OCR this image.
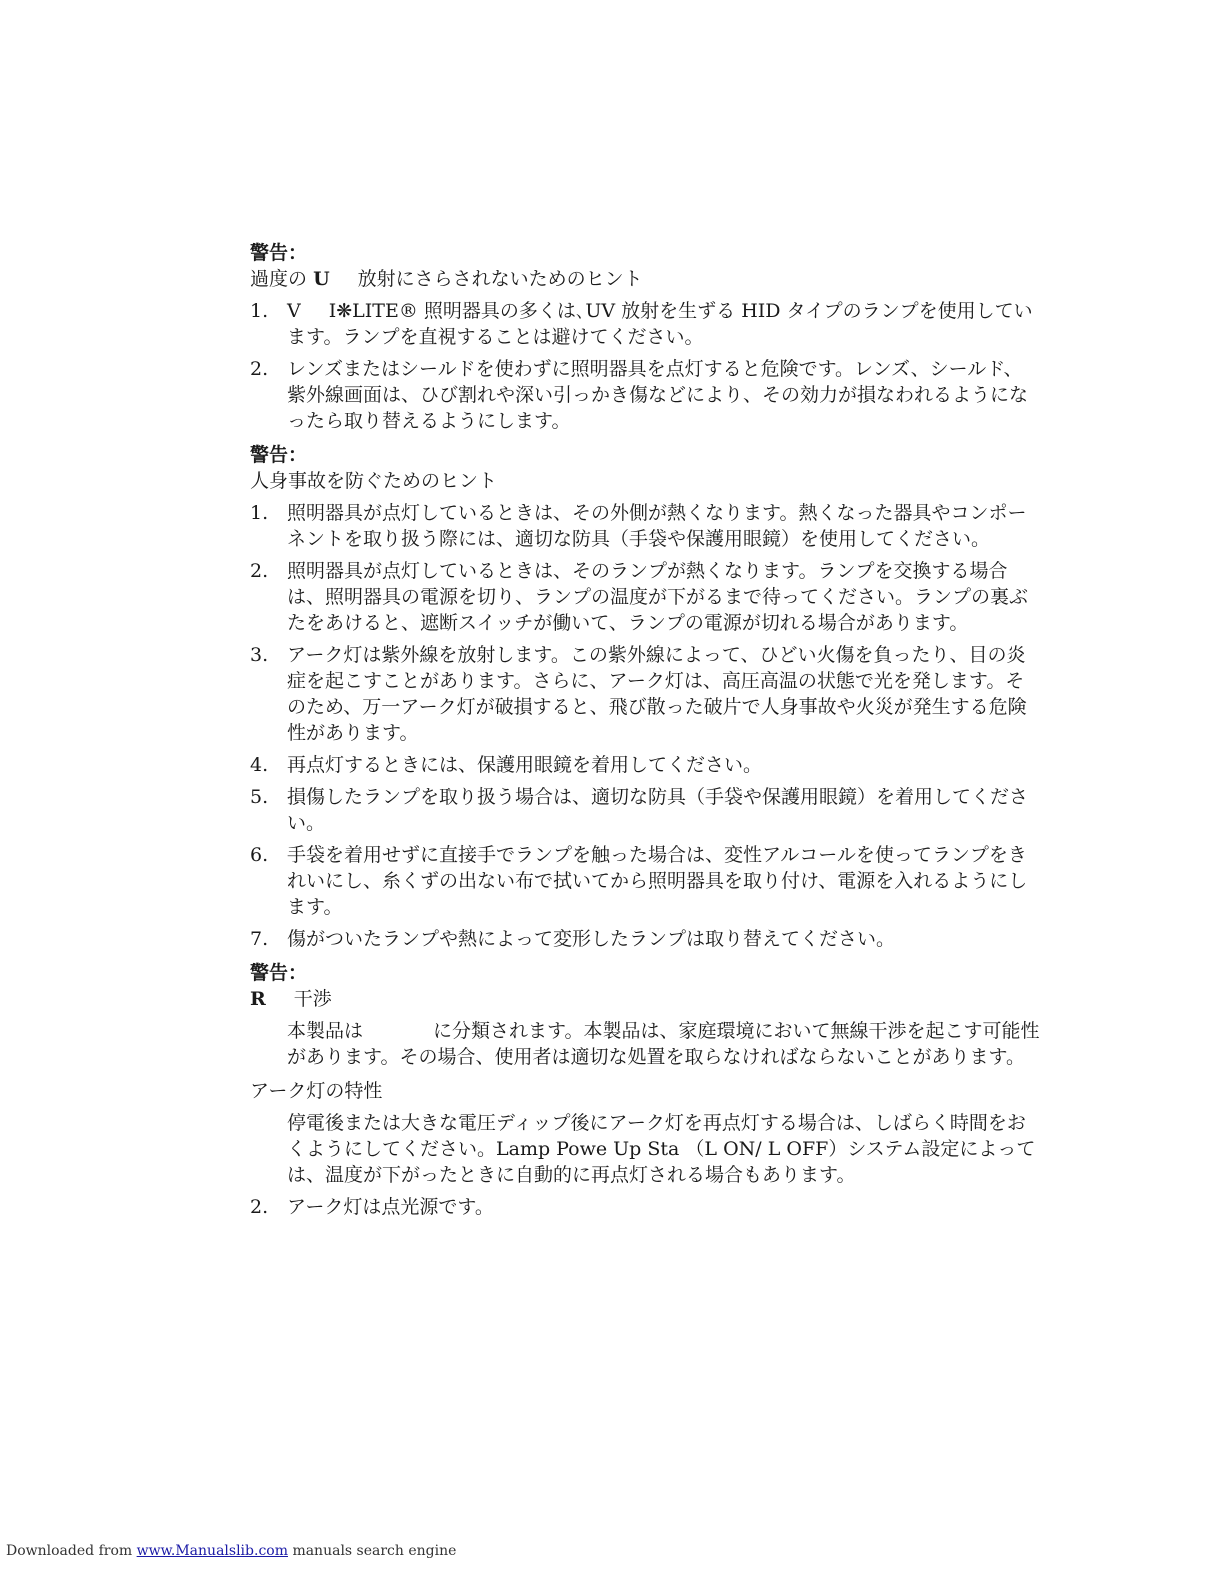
警告：

過度の U 放射にさらされないためのヒント

1. V I❋LITE® 照明器具の多くは､UV 放射を生ずる HID タイプのランプを使用しています。ランプを直視することは避けてください。
2. レンズまたはシールドを使わずに照明器具を点灯すると危険です。レンズ、シールド、紫外線画面は、ひび割れや深い引っかき傷などにより、その効力が損なわれるようになったら取り替えるようにします。

警告：

人身事故を防ぐためのヒント

1. 照明器具が点灯しているときは、その外側が熱くなります。熱くなった器具やコンポーネントを取り扱う際には、適切な防具（手袋や保護用眼鏡）を使用してください。
2. 照明器具が点灯しているときは、そのランプが熱くなります。ランプを交換する場合は、照明器具の電源を切り、ランプの温度が下がるまで待ってください。ランプの裏ぶたをあけると、遮断スイッチが働いて、ランプの電源が切れる場合があります。
3. アーク灯は紫外線を放射します。この紫外線によって、ひどい火傷を負ったり、目の炎症を起こすことがあります。さらに、アーク灯は、高圧高温の状態で光を発します。そのため、万一アーク灯が破損すると、飛び散った破片で人身事故や火災が発生する危険性があります。
4. 再点灯するときには、保護用眼鏡を着用してください。
5. 損傷したランプを取り扱う場合は、適切な防具（手袋や保護用眼鏡）を着用してください。
6. 手袋を着用せずに直接手でランプを触った場合は、変性アルコールを使ってランプをきれいにし、糸くずの出ない布で拭いてから照明器具を取り付け、電源を入れるようにします。
7. 傷がついたランプや熱によって変形したランプは取り替えてください。

警告：

R 干渉

本製品は	に分類されます。本製品は、家庭環境において無線干渉を起こす可能性があります。その場合、使用者は適切な処置を取らなければならないことがあります。

アーク灯の特性

停電後または大きな電圧ディップ後にアーク灯を再点灯する場合は、しばらく時間をおくようにしてください。Lamp Powe Up Sta （L ON/ L OFF）システム設定によっては、温度が下がったときに自動的に再点灯される場合もあります。

2. アーク灯は点光源です。
Downloaded from www.Manualslib.com manuals search engine
